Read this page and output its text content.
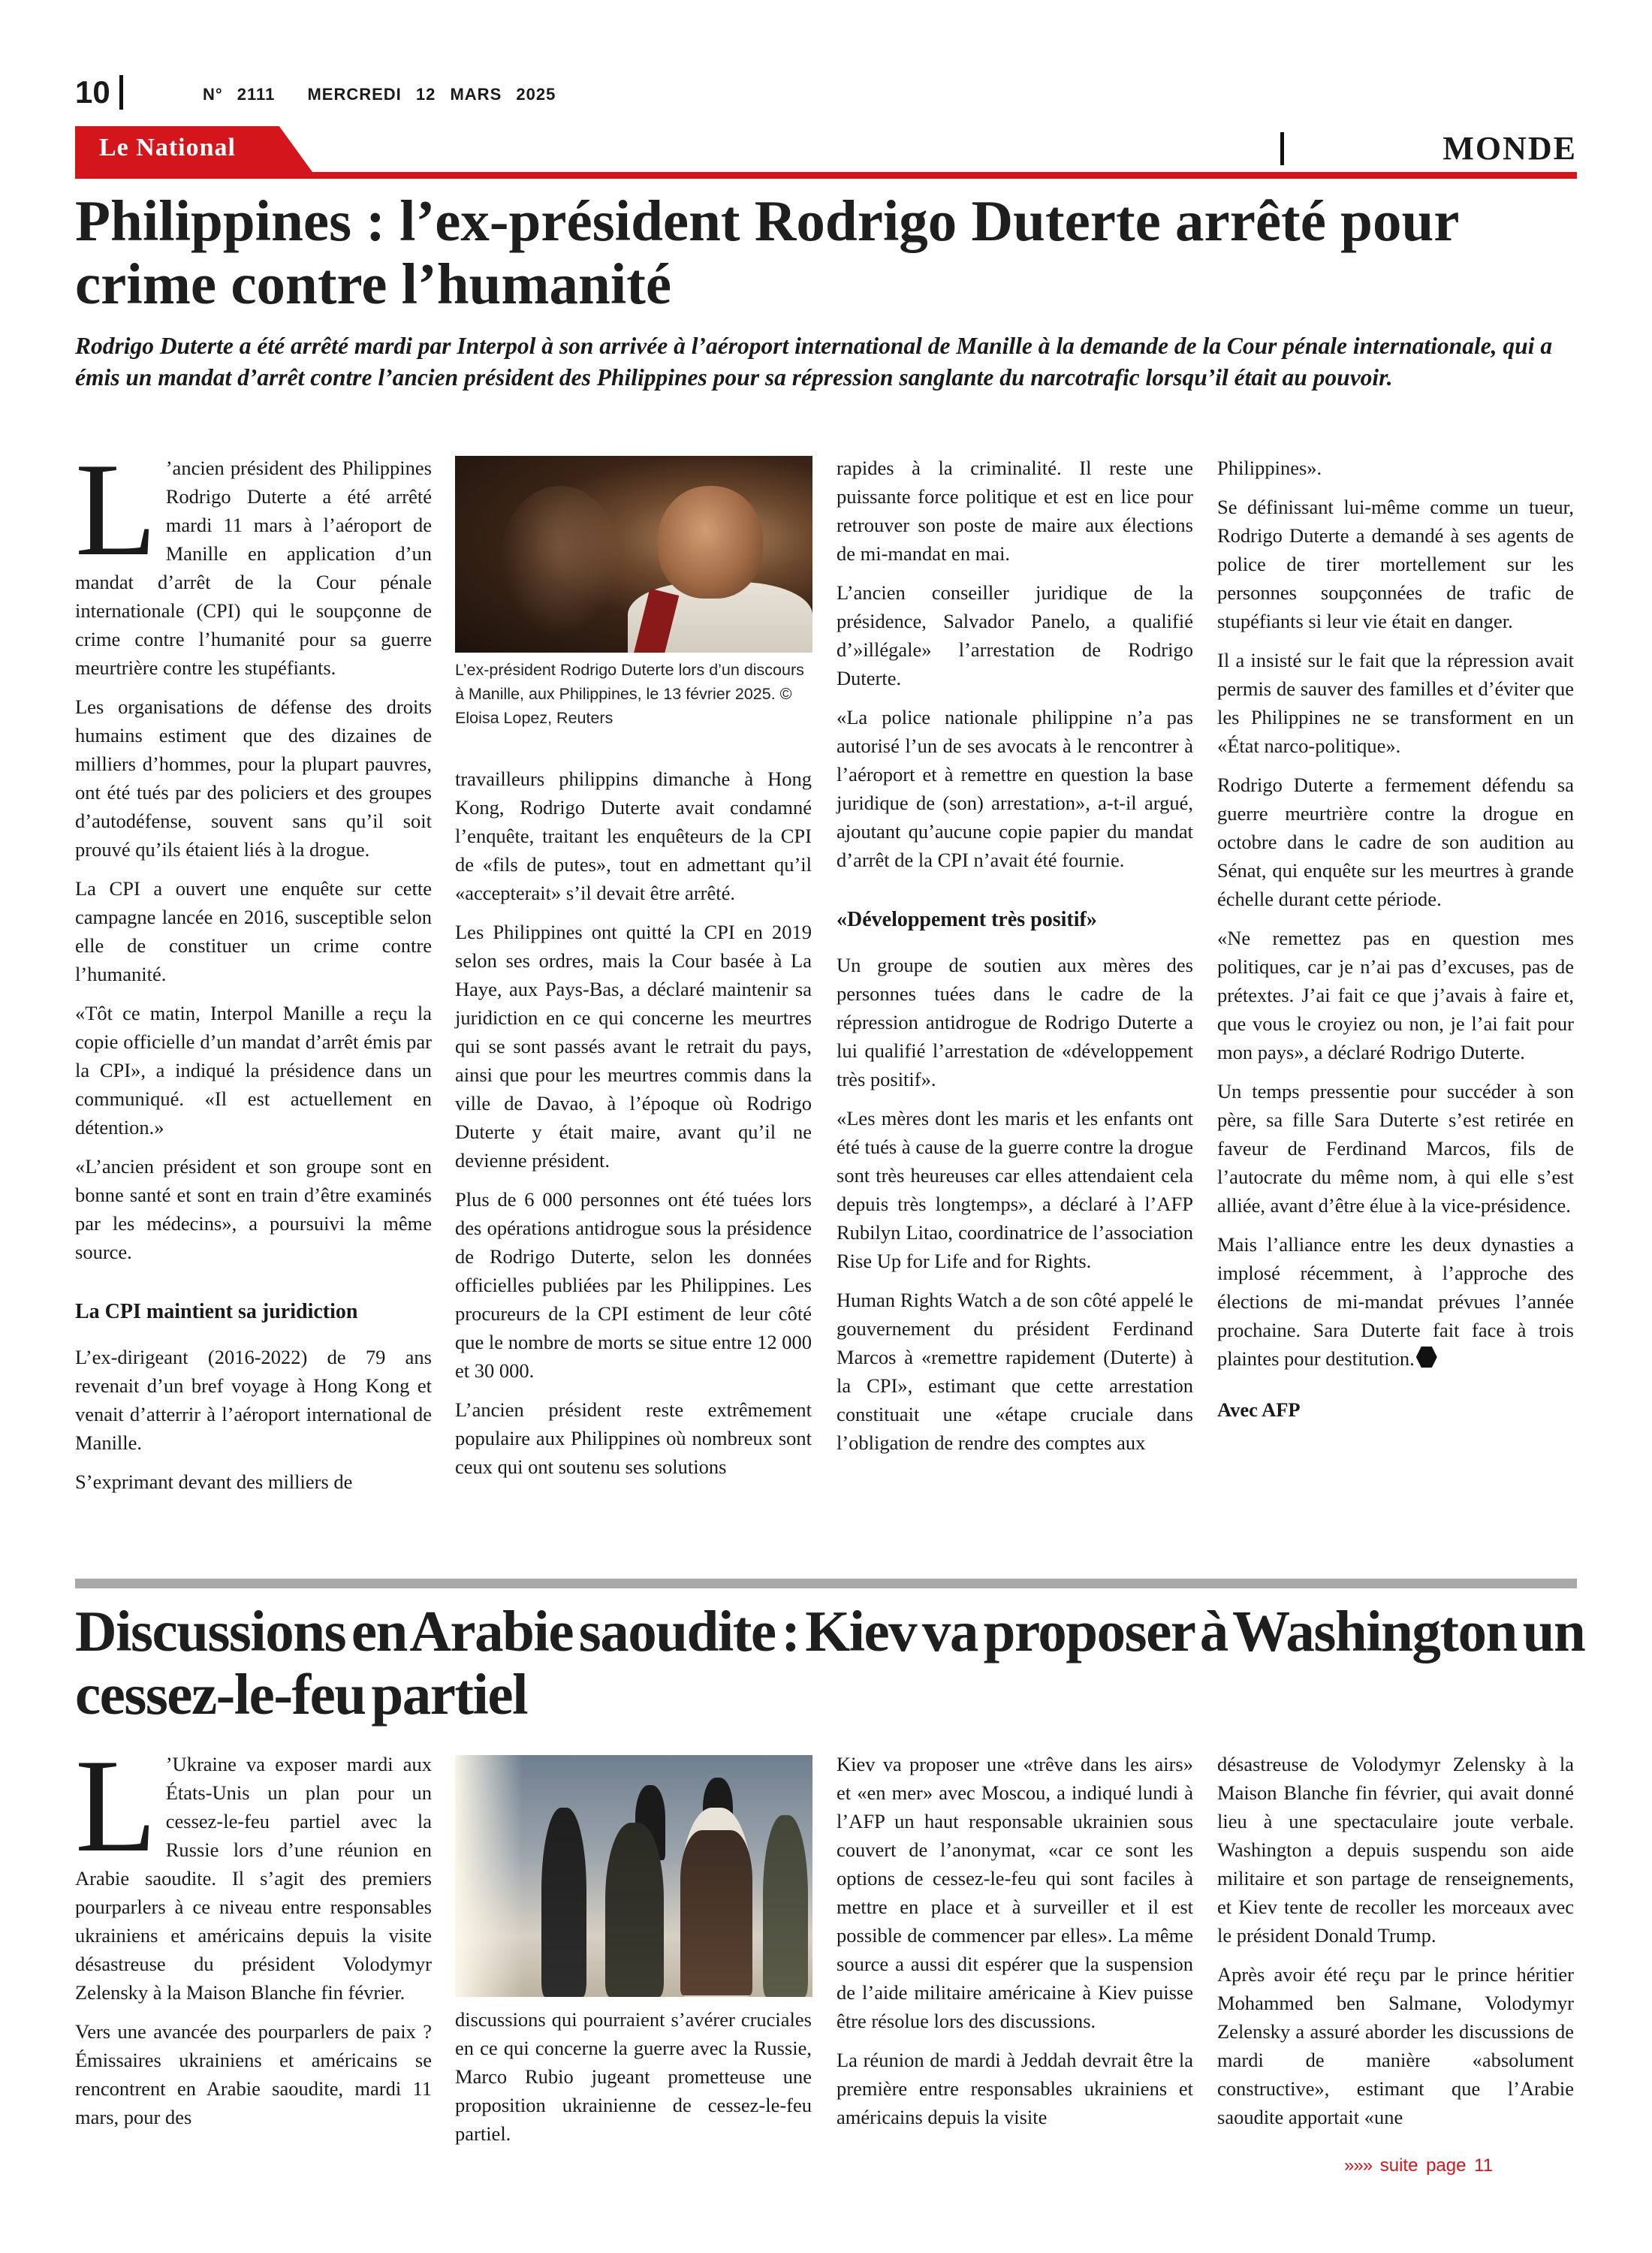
10	N° 2111 MERCREDI 12 MARS 2025
Le National	MONDE
Philippines : l’ex-président Rodrigo Duterte arrêté pour crime contre l’humanité

Rodrigo Duterte a été arrêté mardi par Interpol à son arrivée à l’aéroport international de Manille à la demande de la Cour pénale internationale, qui a émis un mandat d’arrêt contre l’ancien président des Philippines pour sa répression sanglante du narcotrafic lorsqu’il était au pouvoir.

L ’ancien président des Philippines Rodrigo Duterte a été arrêté mardi 11 mars à l’aéroport de Manille en application d’un mandat d’arrêt de la Cour pénale internationale (CPI) qui le soupçonne de crime contre l’humanité pour sa guerre meurtrière contre les stupéfiants.

Les organisations de défense des droits humains estiment que des dizaines de milliers d’hommes, pour la plupart pauvres, ont été tués par des policiers et des groupes d’autodéfense, souvent sans qu’il soit prouvé qu’ils étaient liés à la drogue.

La CPI a ouvert une enquête sur cette campagne lancée en 2016, susceptible selon elle de constituer un crime contre l’humanité.

«Tôt ce matin, Interpol Manille a reçu la copie officielle d’un mandat d’arrêt émis par la CPI», a indiqué la présidence dans un communiqué. «Il est actuellement en détention.»

«L’ancien président et son groupe sont en bonne santé et sont en train d’être examinés par les médecins», a poursuivi la même source.

La CPI maintient sa juridiction

L’ex-dirigeant (2016-2022) de 79 ans revenait d’un bref voyage à Hong Kong et venait d’atterrir à l’aéroport international de Manille.

S’exprimant devant des milliers de

L’ex-président Rodrigo Duterte lors d’un discours à Manille, aux Philippines, le 13 février 2025. © Eloisa Lopez, Reuters

travailleurs philippins dimanche à Hong Kong, Rodrigo Duterte avait condamné l’enquête, traitant les enquêteurs de la CPI de «fils de putes», tout en admettant qu’il «accepterait» s’il devait être arrêté.

Les Philippines ont quitté la CPI en 2019 selon ses ordres, mais la Cour basée à La Haye, aux Pays-Bas, a déclaré maintenir sa juridiction en ce qui concerne les meurtres qui se sont passés avant le retrait du pays, ainsi que pour les meurtres commis dans la ville de Davao, à l’époque où Rodrigo Duterte y était maire, avant qu’il ne devienne président.

Plus de 6 000 personnes ont été tuées lors des opérations antidrogue sous la présidence de Rodrigo Duterte, selon les données officielles publiées par les Philippines. Les procureurs de la CPI estiment de leur côté que le nombre de morts se situe entre 12 000 et 30 000.

L’ancien président reste extrêmement populaire aux Philippines où nombreux sont ceux qui ont soutenu ses solutions

rapides à la criminalité. Il reste une puissante force politique et est en lice pour retrouver son poste de maire aux élections de mi-mandat en mai.

L’ancien conseiller juridique de la présidence, Salvador Panelo, a qualifié d’»illégale» l’arrestation de Rodrigo Duterte.

«La police nationale philippine n’a pas autorisé l’un de ses avocats à le rencontrer à l’aéroport et à remettre en question la base juridique de (son) arrestation», a-t-il argué, ajoutant qu’aucune copie papier du mandat d’arrêt de la CPI n’avait été fournie.

«Développement très positif»

Un groupe de soutien aux mères des personnes tuées dans le cadre de la répression antidrogue de Rodrigo Duterte a lui qualifié l’arrestation de «développement très positif».

«Les mères dont les maris et les enfants ont été tués à cause de la guerre contre la drogue sont très heureuses car elles attendaient cela depuis très longtemps», a déclaré à l’AFP Rubilyn Litao, coordinatrice de l’association Rise Up for Life and for Rights.

Human Rights Watch a de son côté appelé le gouvernement du président Ferdinand Marcos à «remettre rapidement (Duterte) à la CPI», estimant que cette arrestation constituait une «étape cruciale dans l’obligation de rendre des comptes aux

Philippines».

Se définissant lui-même comme un tueur, Rodrigo Duterte a demandé à ses agents de police de tirer mortellement sur les personnes soupçonnées de trafic de stupéfiants si leur vie était en danger.

Il a insisté sur le fait que la répression avait permis de sauver des familles et d’éviter que les Philippines ne se transforment en un «État narco-politique».

Rodrigo Duterte a fermement défendu sa guerre meurtrière contre la drogue en octobre dans le cadre de son audition au Sénat, qui enquête sur les meurtres à grande échelle durant cette période.

«Ne remettez pas en question mes politiques, car je n’ai pas d’excuses, pas de prétextes. J’ai fait ce que j’avais à faire et, que vous le croyiez ou non, je l’ai fait pour mon pays», a déclaré Rodrigo Duterte.

Un temps pressentie pour succéder à son père, sa fille Sara Duterte s’est retirée en faveur de Ferdinand Marcos, fils de l’autocrate du même nom, à qui elle s’est alliée, avant d’être élue à la vice-présidence.

Mais l’alliance entre les deux dynasties a implosé récemment, à l’approche des élections de mi-mandat prévues l’année prochaine. Sara Duterte fait face à trois plaintes pour destitution.

Avec AFP

Discussions en Arabie saoudite : Kiev va proposer à Washington un cessez-le-feu partiel

L ’Ukraine va exposer mardi aux États-Unis un plan pour un cessez-le-feu partiel avec la Russie lors d’une réunion en Arabie saoudite. Il s’agit des premiers pourparlers à ce niveau entre responsables ukrainiens et américains depuis la visite désastreuse du président Volodymyr Zelensky à la Maison Blanche fin février.

Vers une avancée des pourparlers de paix ? Émissaires ukrainiens et américains se rencontrent en Arabie saoudite, mardi 11 mars, pour des

discussions qui pourraient s’avérer cruciales en ce qui concerne la guerre avec la Russie, Marco Rubio jugeant prometteuse une proposition ukrainienne de cessez-le-feu partiel.

Kiev va proposer une «trêve dans les airs» et «en mer» avec Moscou, a indiqué lundi à l’AFP un haut responsable ukrainien sous couvert de l’anonymat, «car ce sont les options de cessez-le-feu qui sont faciles à mettre en place et à surveiller et il est possible de commencer par elles». La même source a aussi dit espérer que la suspension de l’aide militaire américaine à Kiev puisse être résolue lors des discussions.

La réunion de mardi à Jeddah devrait être la première entre responsables ukrainiens et américains depuis la visite

désastreuse de Volodymyr Zelensky à la Maison Blanche fin février, qui avait donné lieu à une spectaculaire joute verbale. Washington a depuis suspendu son aide militaire et son partage de renseignements, et Kiev tente de recoller les morceaux avec le président Donald Trump.

Après avoir été reçu par le prince héritier Mohammed ben Salmane, Volodymyr Zelensky a assuré aborder les discussions de mardi de manière «absolument constructive», estimant que l’Arabie saoudite apportait «une

»»» suite page 11
